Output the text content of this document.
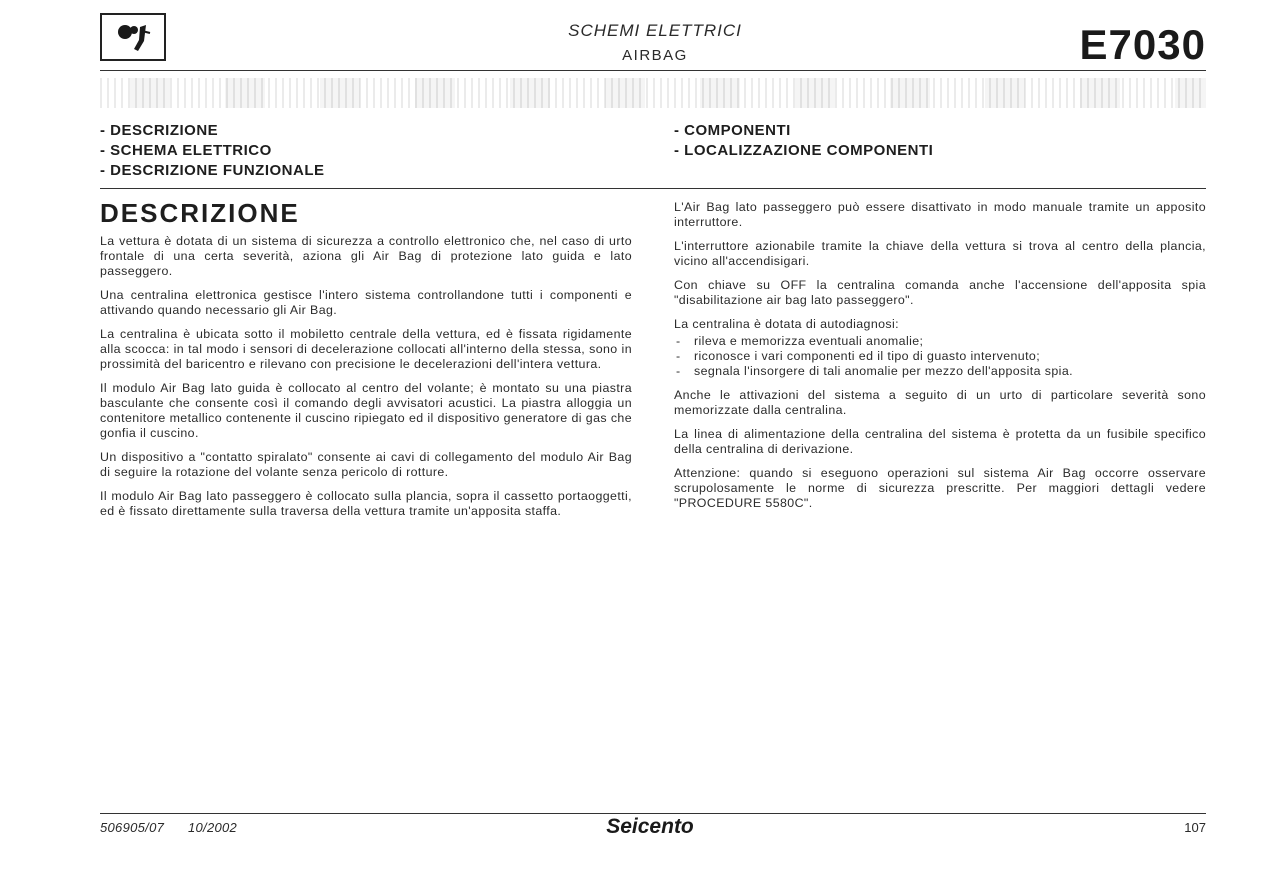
SCHEMI ELETTRICI
AIRBAG	E7030
- DESCRIZIONE
- SCHEMA ELETTRICO
- DESCRIZIONE FUNZIONALE
- COMPONENTI
- LOCALIZZAZIONE COMPONENTI
DESCRIZIONE

La vettura è dotata di un sistema di sicurezza a controllo elettronico che, nel caso di urto frontale di una certa severità, aziona gli Air Bag di protezione lato guida e lato passeggero.

Una centralina elettronica gestisce l'intero sistema controllandone tutti i componenti e attivando quando necessario gli Air Bag.

La centralina è ubicata sotto il mobiletto centrale della vettura, ed è fissata rigidamente alla scocca: in tal modo i sensori di decelerazione collocati all'interno della stessa, sono in prossimità del baricentro e rilevano con precisione le decelerazioni dell'intera vettura.

Il modulo Air Bag lato guida è collocato al centro del volante; è montato su una piastra basculante che consente così il comando degli avvisatori acustici. La piastra alloggia un contenitore metallico contenente il cuscino ripiegato ed il dispositivo generatore di gas che gonfia il cuscino.

Un dispositivo a "contatto spiralato" consente ai cavi di collegamento del modulo Air Bag di seguire la rotazione del volante senza pericolo di rotture.

Il modulo Air Bag lato passeggero è collocato sulla plancia, sopra il cassetto portaoggetti, ed è fissato direttamente sulla traversa della vettura tramite un'apposita staffa.

L'Air Bag lato passeggero può essere disattivato in modo manuale tramite un apposito interruttore.

L'interruttore azionabile tramite la chiave della vettura si trova al centro della plancia, vicino all'accendisigari.

Con chiave su OFF la centralina comanda anche l'accensione dell'apposita spia "disabilitazione air bag lato passeggero".

La centralina è dotata di autodiagnosi:

- rileva e memorizza eventuali anomalie;
- riconosce i vari componenti ed il tipo di guasto intervenuto;
- segnala l'insorgere di tali anomalie per mezzo dell'apposita spia.

Anche le attivazioni del sistema a seguito di un urto di particolare severità sono memorizzate dalla centralina.

La linea di alimentazione della centralina del sistema è protetta da un fusibile specifico della centralina di derivazione.

Attenzione: quando si eseguono operazioni sul sistema Air Bag occorre osservare scrupolosamente le norme di sicurezza prescritte. Per maggiori dettagli vedere "PROCEDURE 5580C".

506905/07 10/2002	Seicento	107
